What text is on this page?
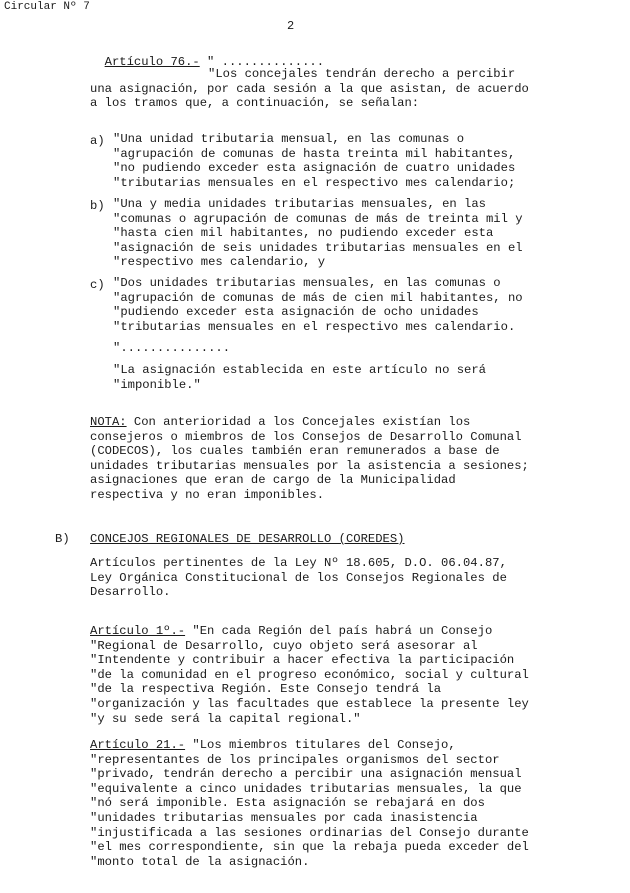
Circular Nº 7
2

Artículo 76.- " ..............

"Los concejales tendrán derecho a percibir
una asignación, por cada sesión a la que asistan, de acuerdo
a los tramos que, a continuación, se señalan:
a) "Una unidad tributaria mensual, en las comunas o
"agrupación de comunas de hasta treinta mil habitantes,
"no pudiendo exceder esta asignación de cuatro unidades
"tributarias mensuales en el respectivo mes calendario;
b) "Una y media unidades tributarias mensuales, en las
"comunas o agrupación de comunas de más de treinta mil y
"hasta cien mil habitantes, no pudiendo exceder esta
"asignación de seis unidades tributarias mensuales en el
"respectivo mes calendario, y
c) "Dos unidades tributarias mensuales, en las comunas o
"agrupación de comunas de más de cien mil habitantes, no
"pudiendo exceder esta asignación de ocho unidades
"tributarias mensuales en el respectivo mes calendario.
"...............
"La asignación establecida en este artículo no será
"imponible."
NOTA: Con anterioridad a los Concejales existían los
consejeros o miembros de los Consejos de Desarrollo Comunal
(CODECOS), los cuales también eran remunerados a base de
unidades tributarias mensuales por la asistencia a sesiones;
asignaciones que eran de cargo de la Municipalidad
respectiva y no eran imponibles.
B) CONCEJOS REGIONALES DE DESARROLLO (COREDES)
Artículos pertinentes de la Ley Nº 18.605, D.O. 06.04.87,
Ley Orgánica Constitucional de los Consejos Regionales de
Desarrollo.
Artículo 1º.- "En cada Región del país habrá un Consejo
"Regional de Desarrollo, cuyo objeto será asesorar al
"Intendente y contribuir a hacer efectiva la participación
"de la comunidad en el progreso económico, social y cultural
"de la respectiva Región. Este Consejo tendrá la
"organización y las facultades que establece la presente ley
"y su sede será la capital regional."
Artículo 21.- "Los miembros titulares del Consejo,
"representantes de los principales organismos del sector
"privado, tendrán derecho a percibir una asignación mensual
"equivalente a cinco unidades tributarias mensuales, la que
"nó será imponible. Esta asignación se rebajará en dos
"unidades tributarias mensuales por cada inasistencia
"injustificada a las sesiones ordinarias del Consejo durante
"el mes correspondiente, sin que la rebaja pueda exceder del
"monto total de la asignación.
